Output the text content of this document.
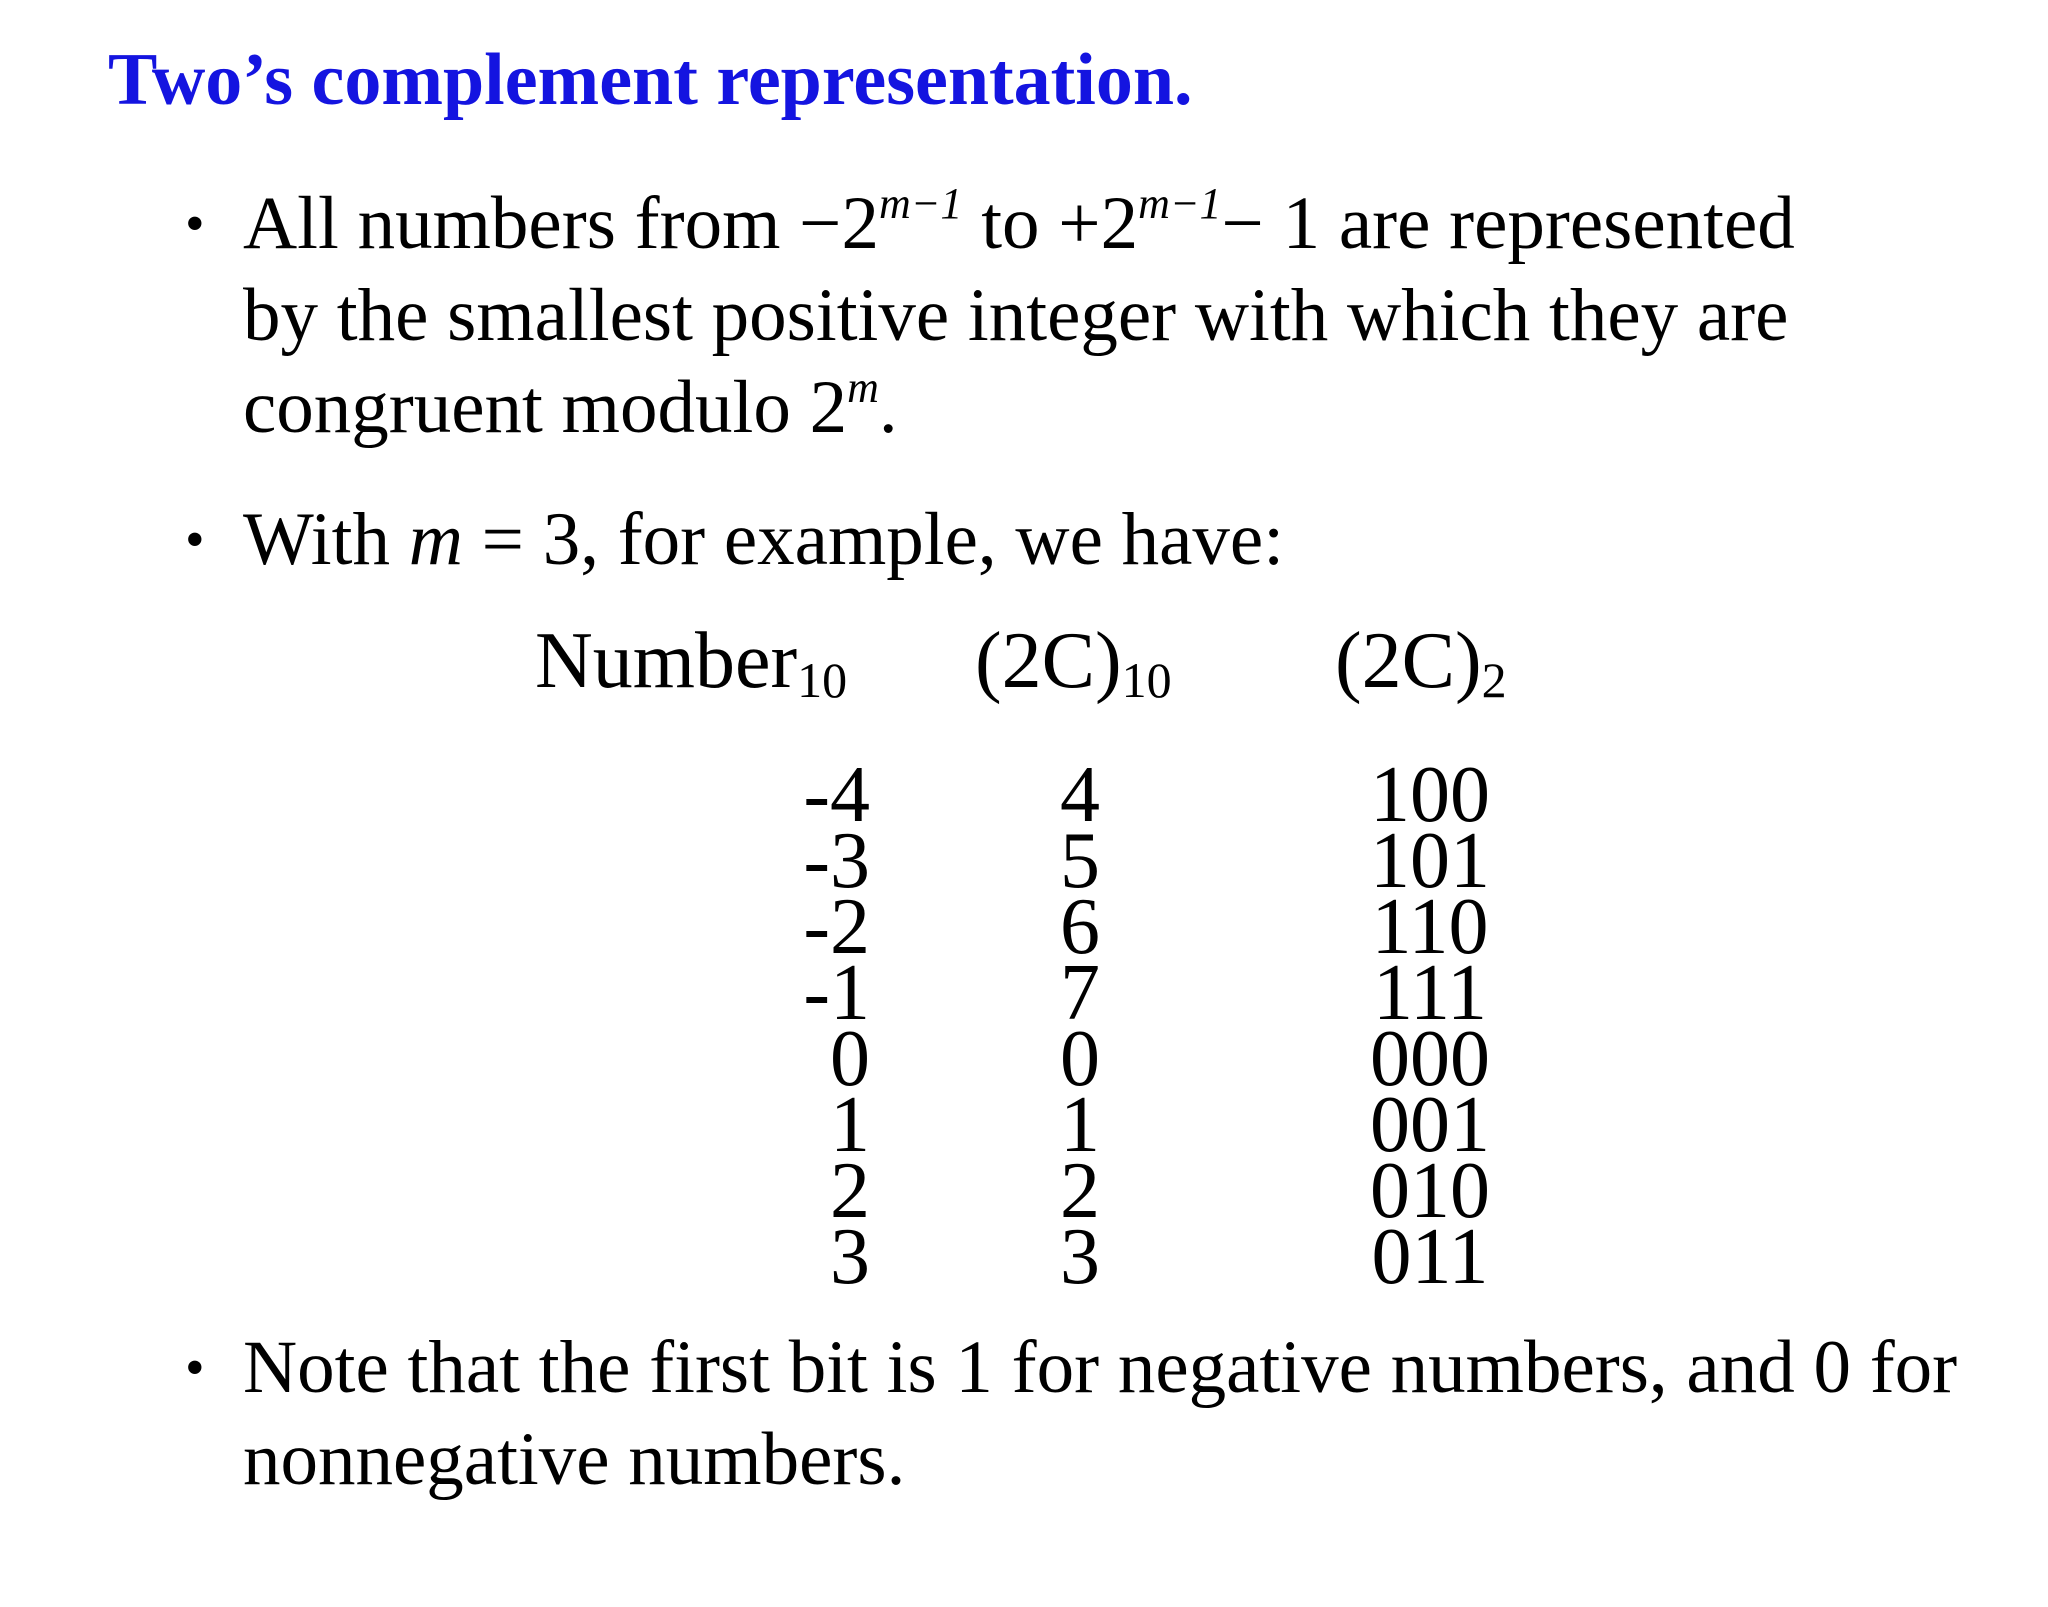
Two’s complement representation.
• All numbers from $-2^{m-1}$ to $+2^{m-1}- 1$ are represented
by the smallest positive integer with which they are
congruent modulo 2$^m$.
• With m = 3, for example, we have:
Number$_{10}$ $(2C)_{10}$ $(2C)_2$
-4
-3
-2
-1
0
1
2
3
4
5
6
7
0
1
2
3
100
101
110
111
000
001
010
011
• Note that the first bit is 1 for negative numbers, and 0 for
nonnegative numbers.
